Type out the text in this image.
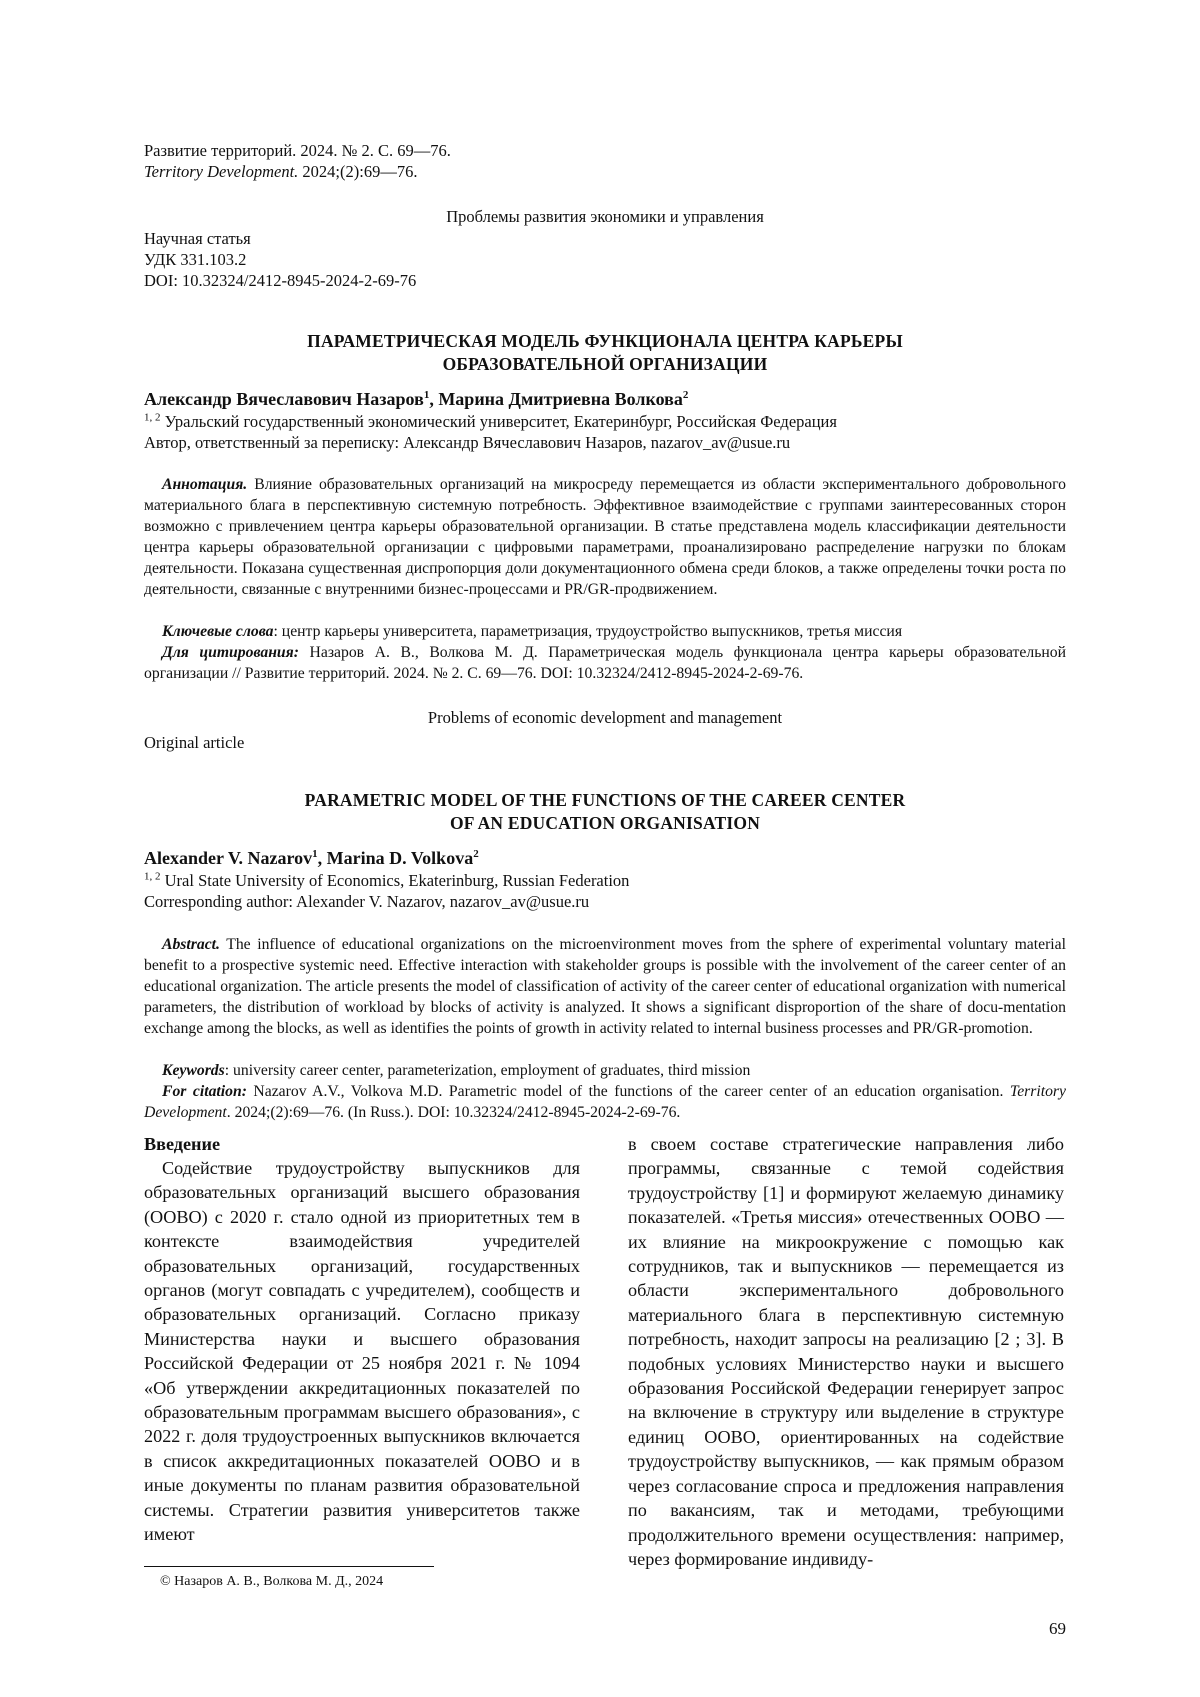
Развитие территорий. 2024. № 2. С. 69—76.
Territory Development. 2024;(2):69—76.
Проблемы развития экономики и управления
Научная статья
УДК 331.103.2
DOI: 10.32324/2412-8945-2024-2-69-76
ПАРАМЕТРИЧЕСКАЯ МОДЕЛЬ ФУНКЦИОНАЛА ЦЕНТРА КАРЬЕРЫ
ОБРАЗОВАТЕЛЬНОЙ ОРГАНИЗАЦИИ
Александр Вячеславович Назаров$^1$, Марина Дмитриевна Волкова$^2$
$^{1, 2}$ Уральский государственный экономический университет, Екатеринбург, Российская Федерация
Автор, ответственный за переписку: Александр Вячеславович Назаров, nazarov_av@usue.ru
Аннотация. Влияние образовательных организаций на микросреду перемещается из области экспериментального добровольного материального блага в перспективную системную потребность. Эффективное взаимодействие с группами заинтересованных сторон возможно с привлечением центра карьеры образовательной организации. В статье представлена модель классификации деятельности центра карьеры образовательной организации с цифровыми параметрами, проанализировано распределение нагрузки по блокам деятельности. Показана существенная диспропорция доли документационного обмена среди блоков, а также определены точки роста по деятельности, связанные с внутренними бизнес-процессами и PR/GR-продвижением.
Ключевые слова: центр карьеры университета, параметризация, трудоустройство выпускников, третья миссия
Для цитирования: Назаров А. В., Волкова М. Д. Параметрическая модель функционала центра карьеры образовательной организации // Развитие территорий. 2024. № 2. С. 69—76. DOI: 10.32324/2412-8945-2024-2-69-76.
Problems of economic development and management
Original article
PARAMETRIC MODEL OF THE FUNCTIONS OF THE CAREER CENTER
OF AN EDUCATION ORGANISATION
Alexander V. Nazarov$^1$, Marina D. Volkova$^2$
$^{1, 2}$ Ural State University of Economics, Ekaterinburg, Russian Federation
Corresponding author: Alexander V. Nazarov, nazarov_av@usue.ru
Abstract. The influence of educational organizations on the microenvironment moves from the sphere of experimental voluntary material benefit to a prospective systemic need. Effective interaction with stakeholder groups is possible with the involvement of the career center of an educational organization. The article presents the model of classification of activity of the career center of educational organization with numerical parameters, the distribution of workload by blocks of activity is analyzed. It shows a significant disproportion of the share of docu-mentation exchange among the blocks, as well as identifies the points of growth in activity related to internal business processes and PR/GR-promotion.
Keywords: university career center, parameterization, employment of graduates, third mission
For citation: Nazarov A.V., Volkova M.D. Parametric model of the functions of the career center of an education organisation. Territory Development. 2024;(2):69—76. (In Russ.). DOI: 10.32324/2412-8945-2024-2-69-76.
Введение
Содействие трудоустройству выпускников для образовательных организаций высшего образования (ООВО) с 2020 г. стало одной из приоритетных тем в контексте взаимодействия учредителей образовательных организаций, государственных органов (могут совпадать с учредителем), сообществ и образовательных организаций. Согласно приказу Министерства науки и высшего образования Российской Федерации от 25 ноября 2021 г. № 1094 «Об утверждении аккредитационных показателей по образовательным программам высшего образования», с 2022 г. доля трудоустроенных выпускников включается в список аккредитационных показателей ООВО и в иные документы по планам развития образовательной системы. Стратегии развития университетов также имеют
в своем составе стратегические направления либо программы, связанные с темой содействия трудоустройству [1] и формируют желаемую динамику показателей. «Третья миссия» отечественных ООВО — их влияние на микроокружение с помощью как сотрудников, так и выпускников — перемещается из области экспериментального добровольного материального блага в перспективную системную потребность, находит запросы на реализацию [2 ; 3]. В подобных условиях Министерство науки и высшего образования Российской Федерации генерирует запрос на включение в структуру или выделение в структуре единиц ООВО, ориентированных на содействие трудоустройству выпускников, — как прямым образом через согласование спроса и предложения направления по вакансиям, так и методами, требующими продолжительного времени осуществления: например, через формирование индивиду-
© Назаров А. В., Волкова М. Д., 2024
69
